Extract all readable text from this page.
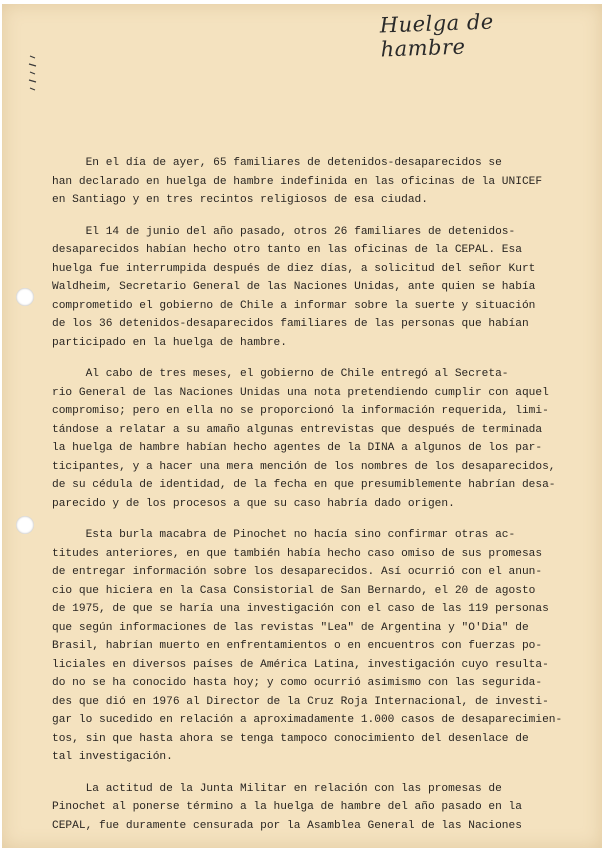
Huelga de hambre
En el día de ayer, 65 familiares de detenidos-desaparecidos se
han declarado en huelga de hambre indefinida en las oficinas de la UNICEF
en Santiago y en tres recintos religiosos de esa ciudad.
El 14 de junio del año pasado, otros 26 familiares de detenidos-
desaparecidos habían hecho otro tanto en las oficinas de la CEPAL. Esa
huelga fue interrumpida después de diez días, a solicitud del señor Kurt
Waldheim, Secretario General de las Naciones Unidas, ante quien se había
comprometido el gobierno de Chile a informar sobre la suerte y situación
de los 36 detenidos-desaparecidos familiares de las personas que habían
participado en la huelga de hambre.
Al cabo de tres meses, el gobierno de Chile entregó al Secreta-
rio General de las Naciones Unidas una nota pretendiendo cumplir con aquel
compromiso; pero en ella no se proporcionó la información requerida, limi-
tándose a relatar a su amaño algunas entrevistas que después de terminada
la huelga de hambre habían hecho agentes de la DINA a algunos de los par-
ticipantes, y a hacer una mera mención de los nombres de los desaparecidos,
de su cédula de identidad, de la fecha en que presumiblemente habrían desa-
parecido y de los procesos a que su caso habría dado origen.
Esta burla macabra de Pinochet no hacía sino confirmar otras ac-
titudes anteriores, en que también había hecho caso omiso de sus promesas
de entregar información sobre los desaparecidos. Así ocurrió con el anun-
cio que hiciera en la Casa Consistorial de San Bernardo, el 20 de agosto
de 1975, de que se haría una investigación con el caso de las 119 personas
que según informaciones de las revistas "Lea" de Argentina y "O'Dia" de
Brasil, habrían muerto en enfrentamientos o en encuentros con fuerzas po-
liciales en diversos países de América Latina, investigación cuyo resulta-
do no se ha conocido hasta hoy; y como ocurrió asimismo con las segurida-
des que dió en 1976 al Director de la Cruz Roja Internacional, de investi-
gar lo sucedido en relación a aproximadamente 1.000 casos de desaparecimien-
tos, sin que hasta ahora se tenga tampoco conocimiento del desenlace de
tal investigación.
La actitud de la Junta Militar en relación con las promesas de
Pinochet al ponerse término a la huelga de hambre del año pasado en la
CEPAL, fue duramente censurada por la Asamblea General de las Naciones
